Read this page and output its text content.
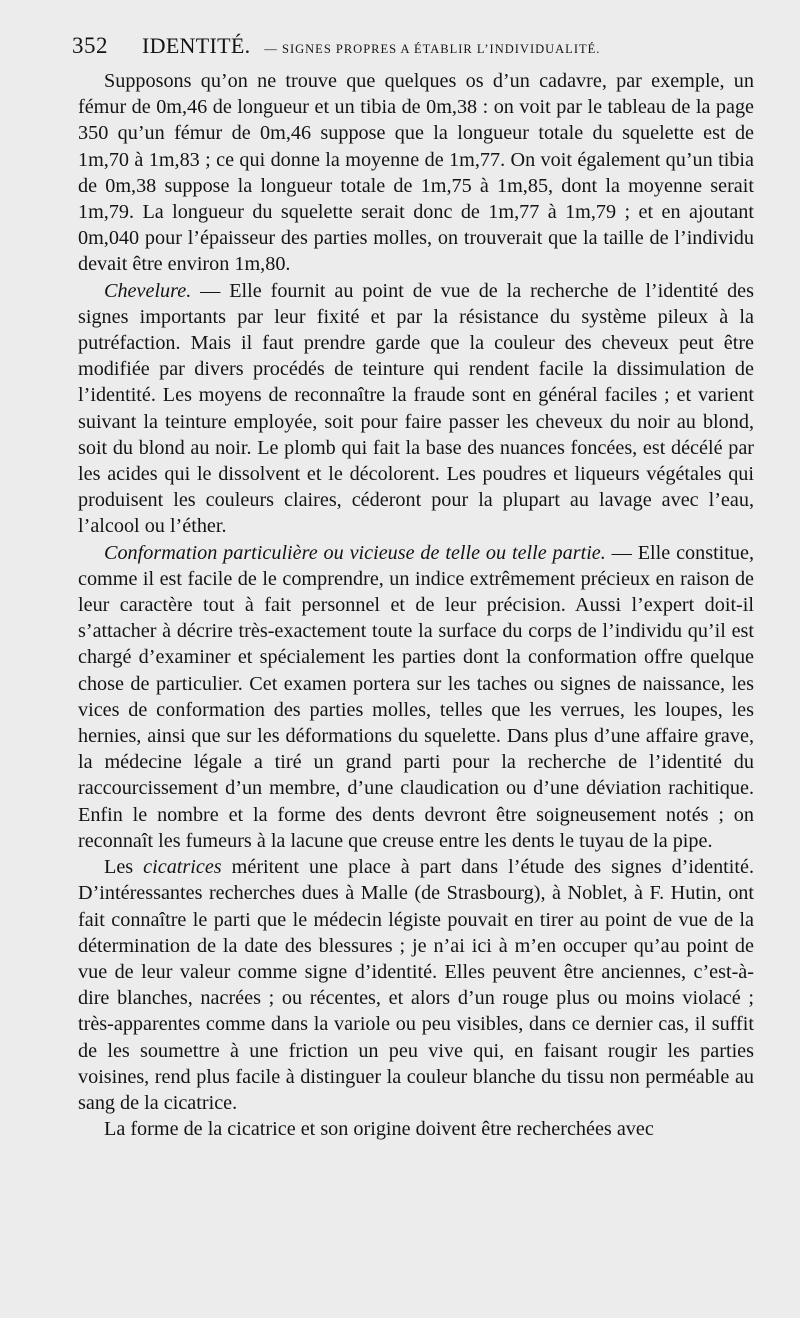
352 IDENTITÉ. — SIGNES PROPRES A ÉTABLIR L’INDIVIDUALITÉ.

Supposons qu’on ne trouve que quelques os d’un cadavre, par exemple, un fémur de 0m,46 de longueur et un tibia de 0m,38 : on voit par le tableau de la page 350 qu’un fémur de 0m,46 suppose que la longueur totale du squelette est de 1m,70 à 1m,83 ; ce qui donne la moyenne de 1m,77. On voit également qu’un tibia de 0m,38 suppose la longueur totale de 1m,75 à 1m,85, dont la moyenne serait 1m,79. La longueur du squelette serait donc de 1m,77 à 1m,79 ; et en ajoutant 0m,040 pour l’épaisseur des parties molles, on trouverait que la taille de l’individu devait être environ 1m,80.

Chevelure. — Elle fournit au point de vue de la recherche de l’identité des signes importants par leur fixité et par la résistance du système pileux à la putréfaction. Mais il faut prendre garde que la couleur des cheveux peut être modifiée par divers procédés de teinture qui rendent facile la dissimulation de l’identité. Les moyens de reconnaître la fraude sont en général faciles ; et varient suivant la teinture employée, soit pour faire passer les cheveux du noir au blond, soit du blond au noir. Le plomb qui fait la base des nuances foncées, est décélé par les acides qui le dissolvent et le décolorent. Les poudres et liqueurs végétales qui produisent les couleurs claires, céderont pour la plupart au lavage avec l’eau, l’alcool ou l’éther.

Conformation particulière ou vicieuse de telle ou telle partie. — Elle constitue, comme il est facile de le comprendre, un indice extrêmement précieux en raison de leur caractère tout à fait personnel et de leur précision. Aussi l’expert doit-il s’attacher à décrire très-exactement toute la surface du corps de l’individu qu’il est chargé d’examiner et spécialement les parties dont la conformation offre quelque chose de particulier. Cet examen portera sur les taches ou signes de naissance, les vices de conformation des parties molles, telles que les verrues, les loupes, les hernies, ainsi que sur les déformations du squelette. Dans plus d’une affaire grave, la médecine légale a tiré un grand parti pour la recherche de l’identité du raccourcissement d’un membre, d’une claudication ou d’une déviation rachitique. Enfin le nombre et la forme des dents devront être soigneusement notés ; on reconnaît les fumeurs à la lacune que creuse entre les dents le tuyau de la pipe.

Les cicatrices méritent une place à part dans l’étude des signes d’identité. D’intéressantes recherches dues à Malle (de Strasbourg), à Noblet, à F. Hutin, ont fait connaître le parti que le médecin légiste pouvait en tirer au point de vue de la détermination de la date des blessures ; je n’ai ici à m’en occuper qu’au point de vue de leur valeur comme signe d’identité. Elles peuvent être anciennes, c’est-à-dire blanches, nacrées ; ou récentes, et alors d’un rouge plus ou moins violacé ; très-apparentes comme dans la variole ou peu visibles, dans ce dernier cas, il suffit de les soumettre à une friction un peu vive qui, en faisant rougir les parties voisines, rend plus facile à distinguer la couleur blanche du tissu non perméable au sang de la cicatrice.

La forme de la cicatrice et son origine doivent être recherchées avec
